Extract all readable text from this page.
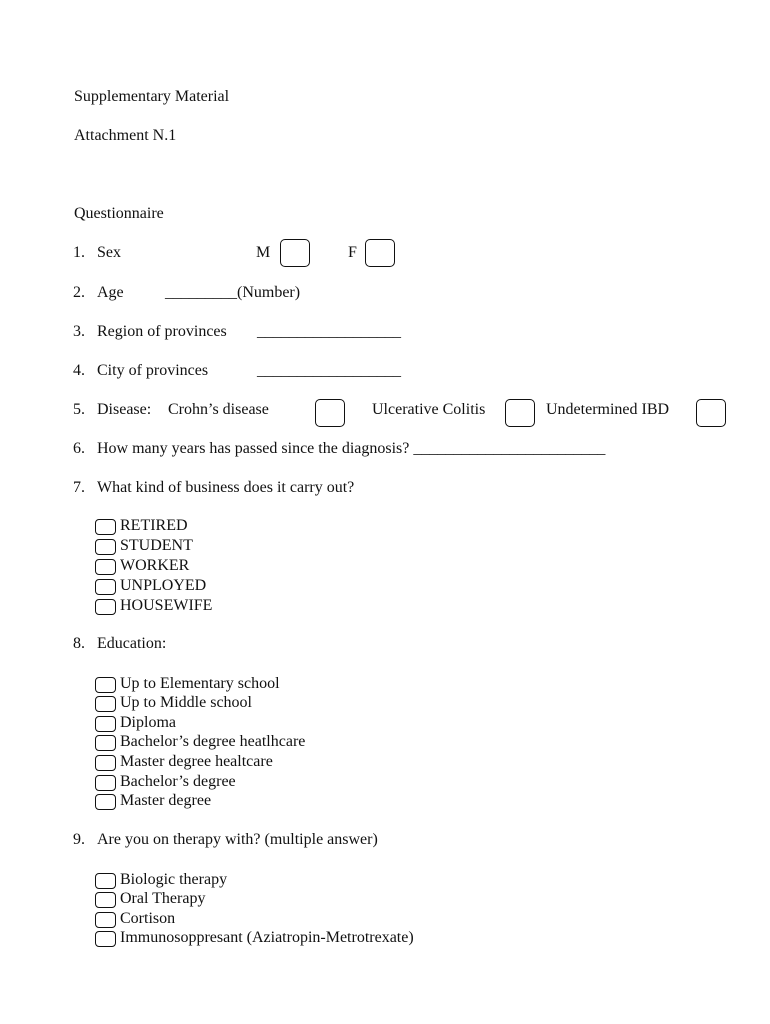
Supplementary Material
Attachment N.1
Questionnaire
1. Sex	M	F
2. Age	_________(Number)
3. Region of provinces __________________
4. City of provinces	__________________
5. Disease: Crohn’s disease	Ulcerative Colitis	Undetermined IBD
6. How many years has passed since the diagnosis? ________________________
7. What kind of business does it carry out?
RETIRED
STUDENT
WORKER
UNPLOYED
HOUSEWIFE
8. Education:
Up to Elementary school
Up to Middle school
Diploma
Bachelor’s degree heatlhcare
Master degree healtcare
Bachelor’s degree
Master degree
9. Are you on therapy with? (multiple answer)
Biologic therapy
Oral Therapy
Cortison
Immunosoppresant (Aziatropin-Metrotrexate)
